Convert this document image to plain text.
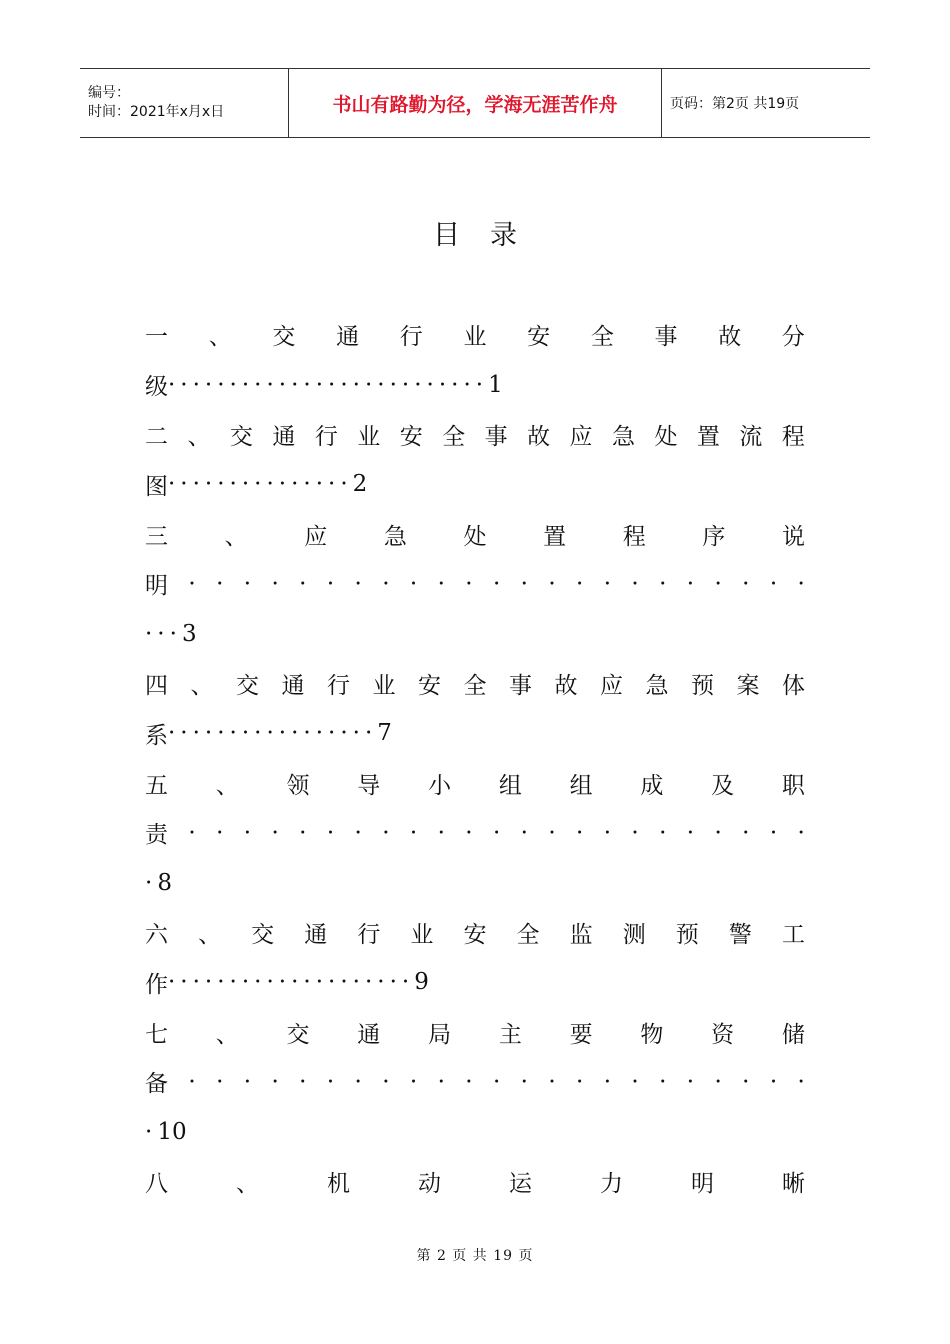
编号：
时间：2021年x月x日	书山有路勤为径，学海无涯苦作舟	页码：第2页 共19页
目录
一 、 交 通 行 业 安 全 事 故 分
级 ·························· 1
二 、 交 通 行 业 安 全 事 故 应 急 处 置 流 程
图 ··············· 2
三 、 应 急 处 置 程 序 说
明 · · · · · · · · · · · · · · · · · · · · · · ·
··· 3
四 、 交 通 行 业 安 全 事 故 应 急 预 案 体
系 ················· 7
五 、 领 导 小 组 组 成 及 职
责 · · · · · · · · · · · · · · · · · · · · · · ·
· 8
六 、 交 通 行 业 安 全 监 测 预 警 工
作 ···················· 9
七 、 交 通 局 主 要 物 资 储
备 · · · · · · · · · · · · · · · · · · · · · · ·
· 10
八	、	机	动	运	力	明	晰
第 2 页 共 19 页
